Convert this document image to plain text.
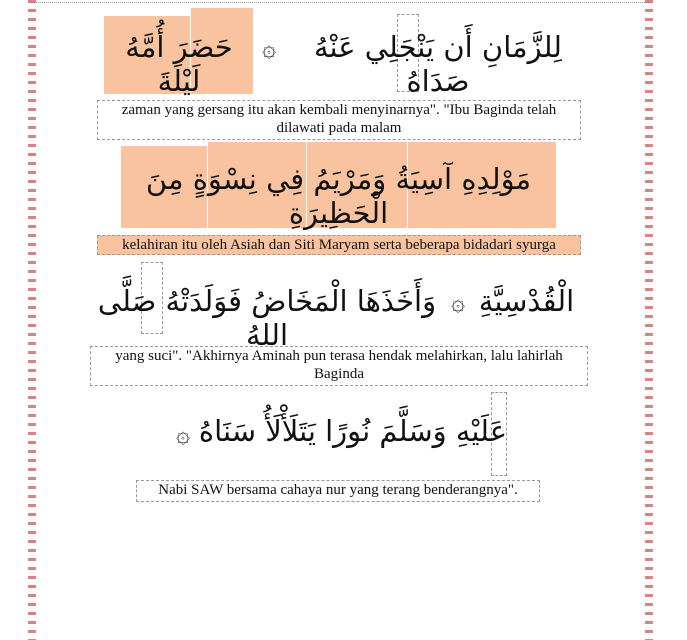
حَضَرَ أُمَّهُ لَيْلَةَ
۞	لِلزَّمَانِ أَن يَنْجَلِي عَنْهُ صَدَاهُ
zaman yang gersang itu akan kembali menyinarnya". "Ibu Baginda telah dilawati pada malam
مَوْلِدِهِ آسِيَةُ وَمَرْيَمُ فِي نِسْوَةٍ مِنَ الْحَظِيرَةِ
kelahiran itu oleh Asiah dan Siti Maryam serta beberapa bidadari syurga
وَأَخَذَهَا الْمَخَاضُ فَوَلَدَتْهُ صَلَّى اللهُ
۞ الْقُدْسِيَّةِ
yang suci". "Akhirnya Aminah pun terasa hendak melahirkan, lalu lahirlah Baginda
۞ عَلَيْهِ وَسَلَّمَ نُورًا يَتَلَأْلَأُ سَنَاهُ
Nabi SAW bersama cahaya nur yang terang benderangnya".
